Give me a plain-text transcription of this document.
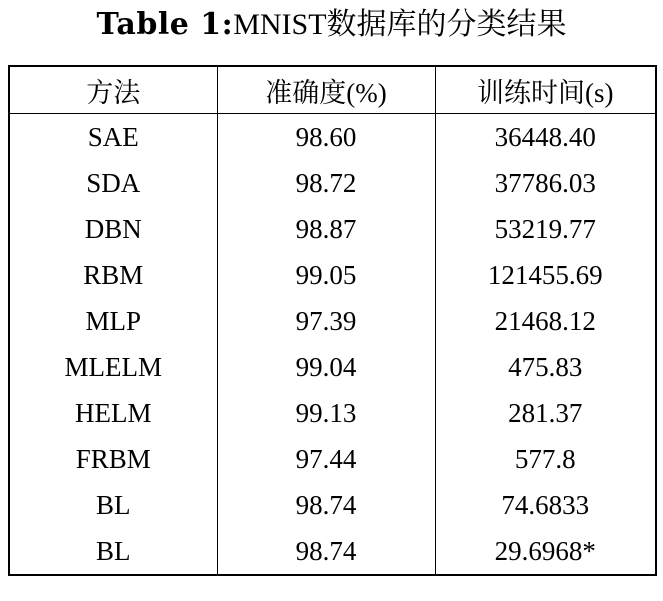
Table 1:MNIST数据库的分类结果
方法	准确度(%)	训练时间(s)
SAE	98.60	36448.40
SDA	98.72	37786.03
DBN	98.87	53219.77
RBM	99.05	121455.69
MLP	97.39	21468.12
MLELM	99.04	475.83
HELM	99.13	281.37
FRBM	97.44	577.8
BL	98.74	74.6833
BL	98.74	29.6968*
